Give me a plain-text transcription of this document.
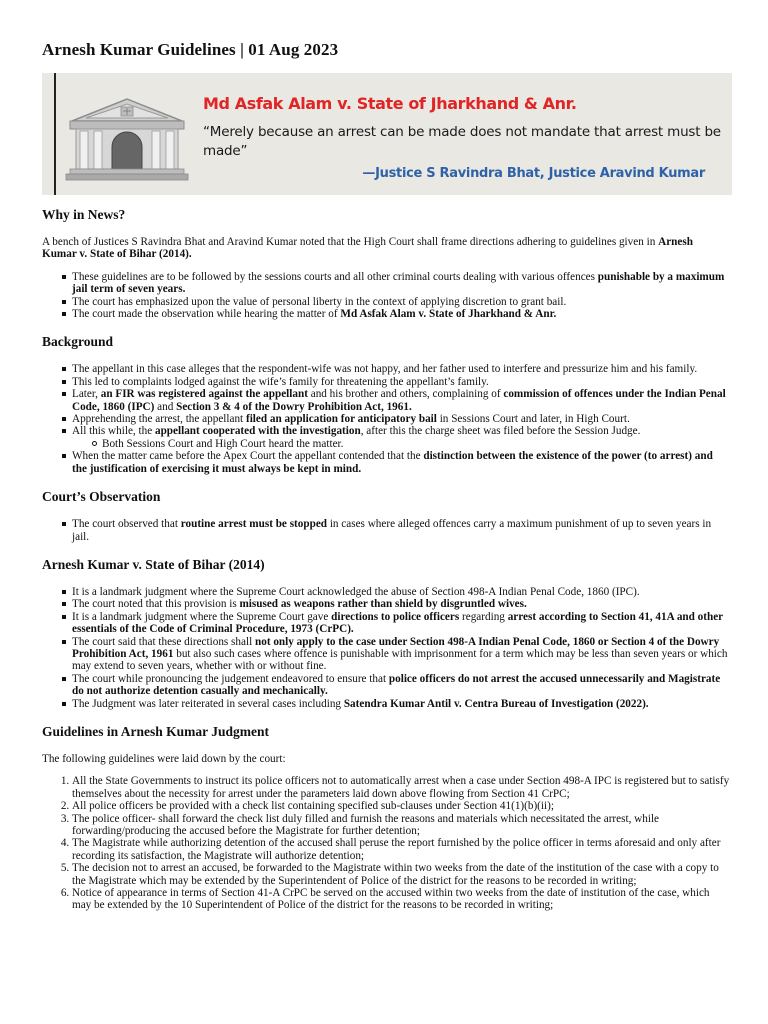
Arnesh Kumar Guidelines | 01 Aug 2023
Md Asfak Alam v. State of Jharkhand & Anr.
“Merely because an arrest can be made does not mandate that arrest must be made”
—Justice S Ravindra Bhat, Justice Aravind Kumar
Why in News?

A bench of Justices S Ravindra Bhat and Aravind Kumar noted that the High Court shall frame directions adhering to guidelines given in Arnesh Kumar v. State of Bihar (2014).

These guidelines are to be followed by the sessions courts and all other criminal courts dealing with various offences punishable by a maximum jail term of seven years.
The court has emphasized upon the value of personal liberty in the context of applying discretion to grant bail.
The court made the observation while hearing the matter of Md Asfak Alam v. State of Jharkhand & Anr.
Background
The appellant in this case alleges that the respondent-wife was not happy, and her father used to interfere and pressurize him and his family.
This led to complaints lodged against the wife’s family for threatening the appellant’s family.
Later, an FIR was registered against the appellant and his brother and others, complaining of commission of offences under the Indian Penal Code, 1860 (IPC) and Section 3 & 4 of the Dowry Prohibition Act, 1961.
Apprehending the arrest, the appellant filed an application for anticipatory bail in Sessions Court and later, in High Court.
All this while, the appellant cooperated with the investigation, after this the charge sheet was filed before the Session Judge.
Both Sessions Court and High Court heard the matter.
When the matter came before the Apex Court the appellant contended that the distinction between the existence of the power (to arrest) and the justification of exercising it must always be kept in mind.
Court’s Observation
The court observed that routine arrest must be stopped in cases where alleged offences carry a maximum punishment of up to seven years in jail.
Arnesh Kumar v. State of Bihar (2014)
It is a landmark judgment where the Supreme Court acknowledged the abuse of Section 498-A Indian Penal Code, 1860 (IPC).
The court noted that this provision is misused as weapons rather than shield by disgruntled wives.
It is a landmark judgment where the Supreme Court gave directions to police officers regarding arrest according to Section 41, 41A and other essentials of the Code of Criminal Procedure, 1973 (CrPC).
The court said that these directions shall not only apply to the case under Section 498-A Indian Penal Code, 1860 or Section 4 of the Dowry Prohibition Act, 1961 but also such cases where offence is punishable with imprisonment for a term which may be less than seven years or which may extend to seven years, whether with or without fine.
The court while pronouncing the judgement endeavored to ensure that police officers do not arrest the accused unnecessarily and Magistrate do not authorize detention casually and mechanically.
The Judgment was later reiterated in several cases including Satendra Kumar Antil v. Centra Bureau of Investigation (2022).
Guidelines in Arnesh Kumar Judgment

The following guidelines were laid down by the court:

1. All the State Governments to instruct its police officers not to automatically arrest when a case under Section 498-A IPC is registered but to satisfy themselves about the necessity for arrest under the parameters laid down above flowing from Section 41 CrPC;
2. All police officers be provided with a check list containing specified sub-clauses under Section 41(1)(b)(ii);
3. The police officer- shall forward the check list duly filled and furnish the reasons and materials which necessitated the arrest, while forwarding/producing the accused before the Magistrate for further detention;
4. The Magistrate while authorizing detention of the accused shall peruse the report furnished by the police officer in terms aforesaid and only after recording its satisfaction, the Magistrate will authorize detention;
5. The decision not to arrest an accused, be forwarded to the Magistrate within two weeks from the date of the institution of the case with a copy to the Magistrate which may be extended by the Superintendent of Police of the district for the reasons to be recorded in writing;
6. Notice of appearance in terms of Section 41-A CrPC be served on the accused within two weeks from the date of institution of the case, which may be extended by the 10 Superintendent of Police of the district for the reasons to be recorded in writing;
